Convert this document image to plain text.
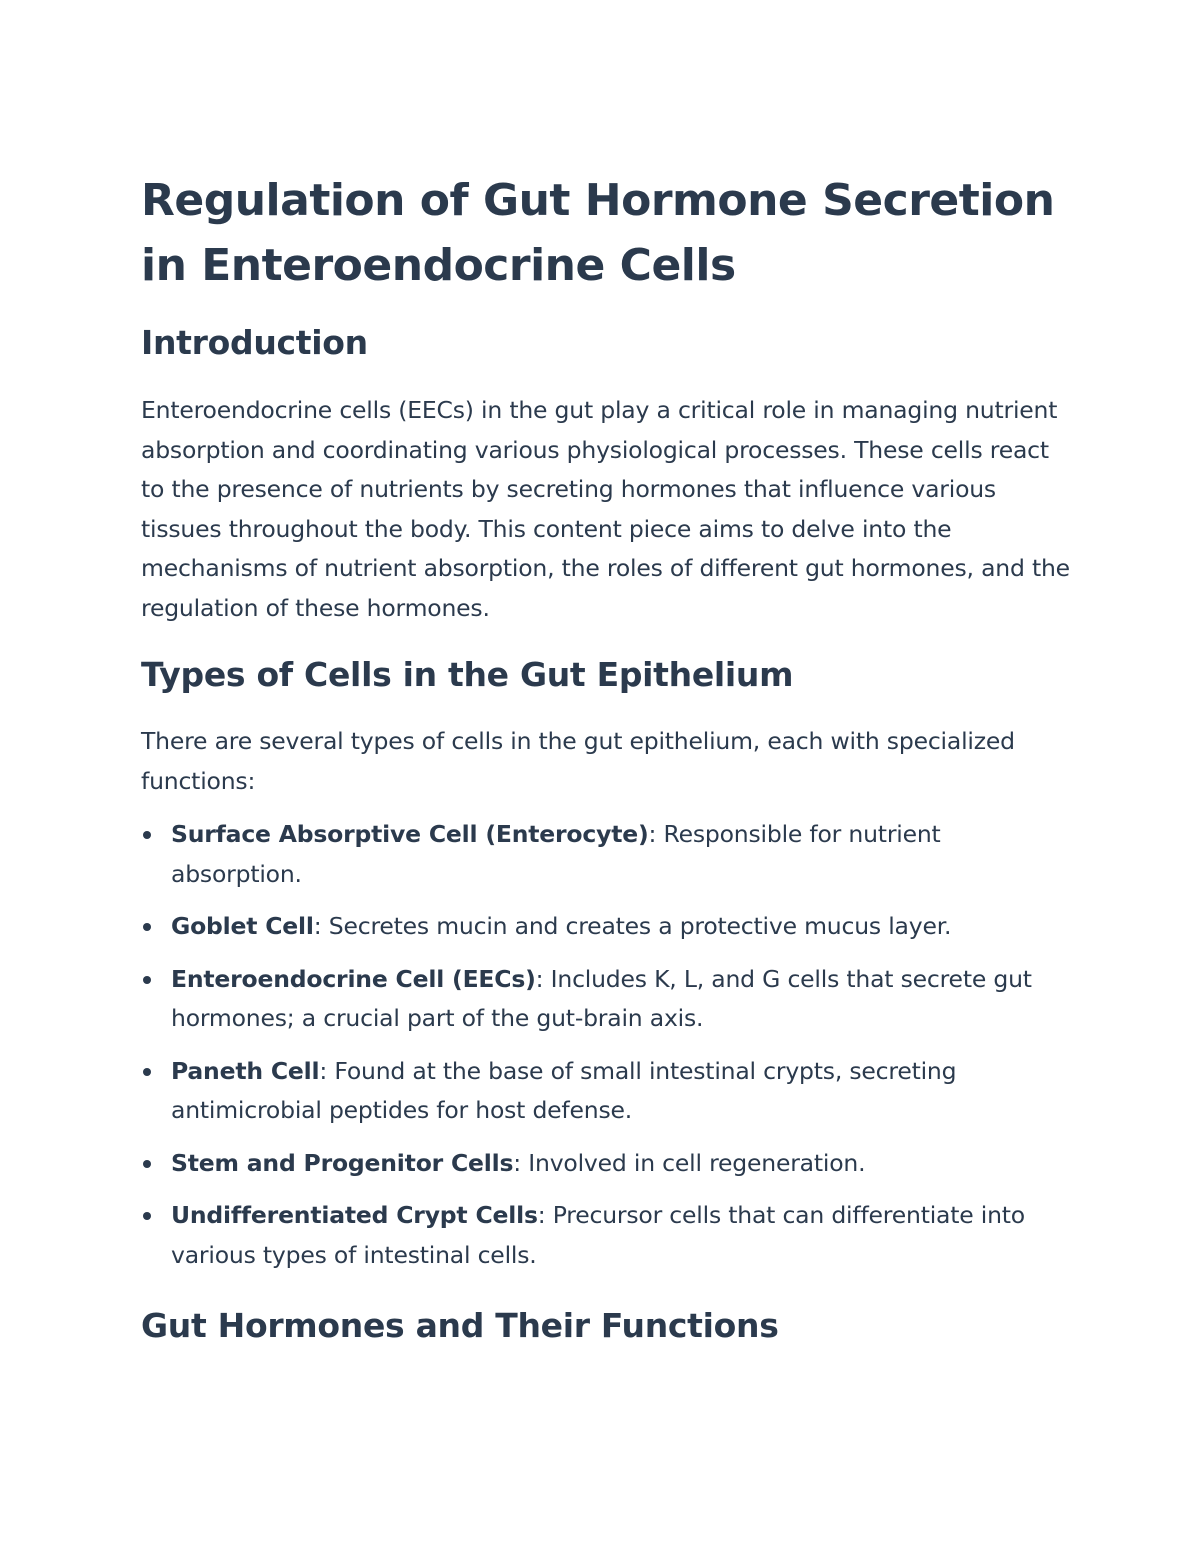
Regulation of Gut Hormone Secretion in Enteroendocrine Cells
Introduction

Enteroendocrine cells (EECs) in the gut play a critical role in managing nutrient absorption and coordinating various physiological processes. These cells react to the presence of nutrients by secreting hormones that influence various tissues throughout the body. This content piece aims to delve into the mechanisms of nutrient absorption, the roles of different gut hormones, and the regulation of these hormones.

Types of Cells in the Gut Epithelium

There are several types of cells in the gut epithelium, each with specialized functions:

Surface Absorptive Cell (Enterocyte): Responsible for nutrient absorption.
Goblet Cell: Secretes mucin and creates a protective mucus layer.
Enteroendocrine Cell (EECs): Includes K, L, and G cells that secrete gut hormones; a crucial part of the gut-brain axis.
Paneth Cell: Found at the base of small intestinal crypts, secreting antimicrobial peptides for host defense.
Stem and Progenitor Cells: Involved in cell regeneration.
Undifferentiated Crypt Cells: Precursor cells that can differentiate into various types of intestinal cells.
Gut Hormones and Their Functions
